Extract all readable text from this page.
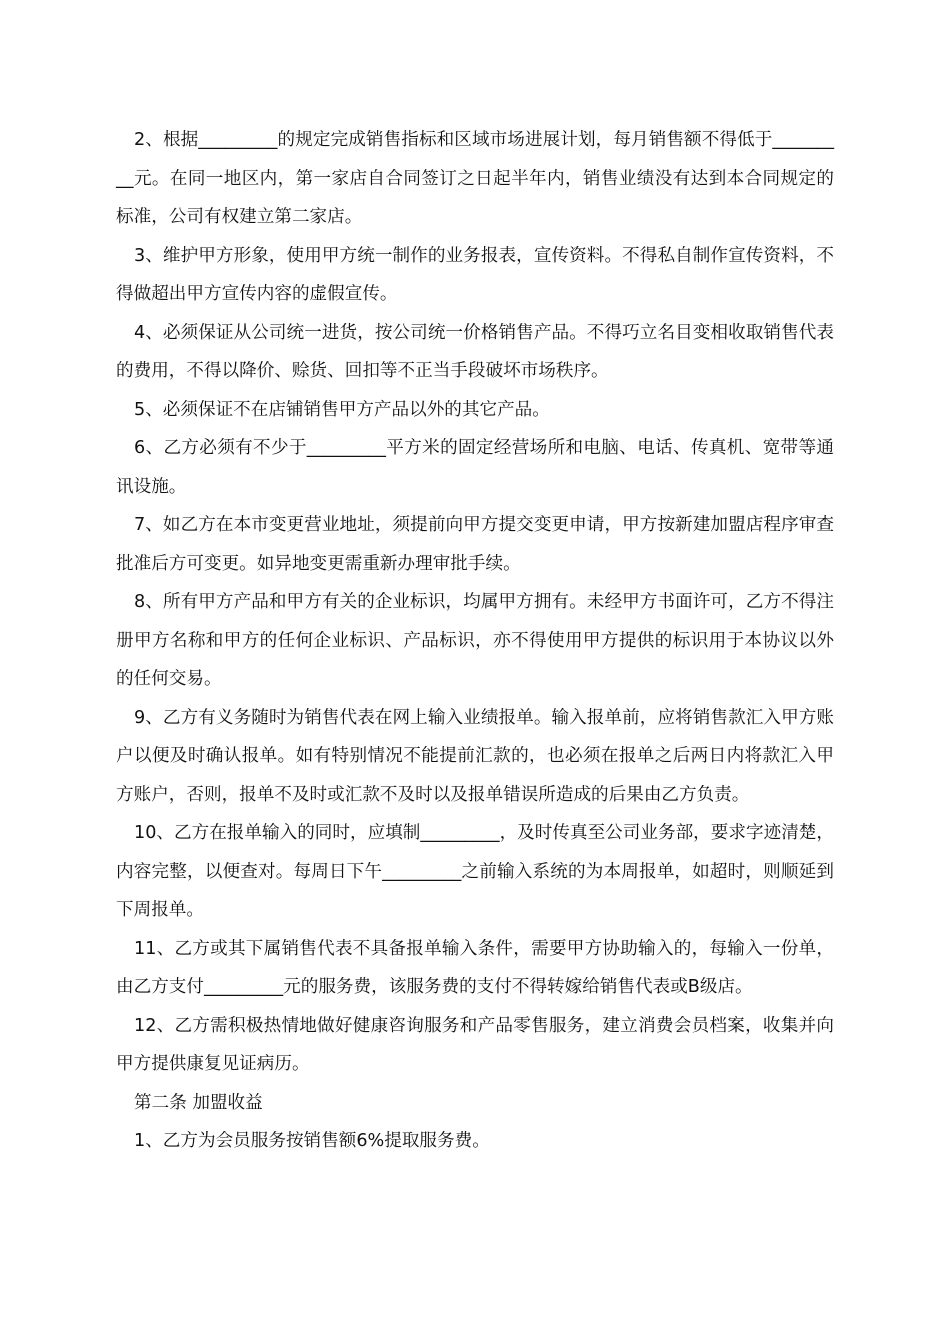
2、根据_________的规定完成销售指标和区域市场进展计划，每月销售额不得低于_________元。在同一地区内，第一家店自合同签订之日起半年内，销售业绩没有达到本合同规定的标准，公司有权建立第二家店。

3、维护甲方形象，使用甲方统一制作的业务报表，宣传资料。不得私自制作宣传资料，不得做超出甲方宣传内容的虚假宣传。

4、必须保证从公司统一进货，按公司统一价格销售产品。不得巧立名目变相收取销售代表的费用，不得以降价、赊货、回扣等不正当手段破坏市场秩序。

5、必须保证不在店铺销售甲方产品以外的其它产品。

6、乙方必须有不少于_________平方米的固定经营场所和电脑、电话、传真机、宽带等通讯设施。

7、如乙方在本市变更营业地址，须提前向甲方提交变更申请，甲方按新建加盟店程序审查批准后方可变更。如异地变更需重新办理审批手续。

8、所有甲方产品和甲方有关的企业标识，均属甲方拥有。未经甲方书面许可，乙方不得注册甲方名称和甲方的任何企业标识、产品标识，亦不得使用甲方提供的标识用于本协议以外的任何交易。

9、乙方有义务随时为销售代表在网上输入业绩报单。输入报单前，应将销售款汇入甲方账户以便及时确认报单。如有特别情况不能提前汇款的，也必须在报单之后两日内将款汇入甲方账户，否则，报单不及时或汇款不及时以及报单错误所造成的后果由乙方负责。

10、乙方在报单输入的同时，应填制_________，及时传真至公司业务部，要求字迹清楚，内容完整，以便查对。每周日下午_________之前输入系统的为本周报单，如超时，则顺延到下周报单。

11、乙方或其下属销售代表不具备报单输入条件，需要甲方协助输入的，每输入一份单，由乙方支付_________元的服务费，该服务费的支付不得转嫁给销售代表或B级店。

12、乙方需积极热情地做好健康咨询服务和产品零售服务，建立消费会员档案，收集并向甲方提供康复见证病历。

第二条 加盟收益

1、乙方为会员服务按销售额6%提取服务费。
